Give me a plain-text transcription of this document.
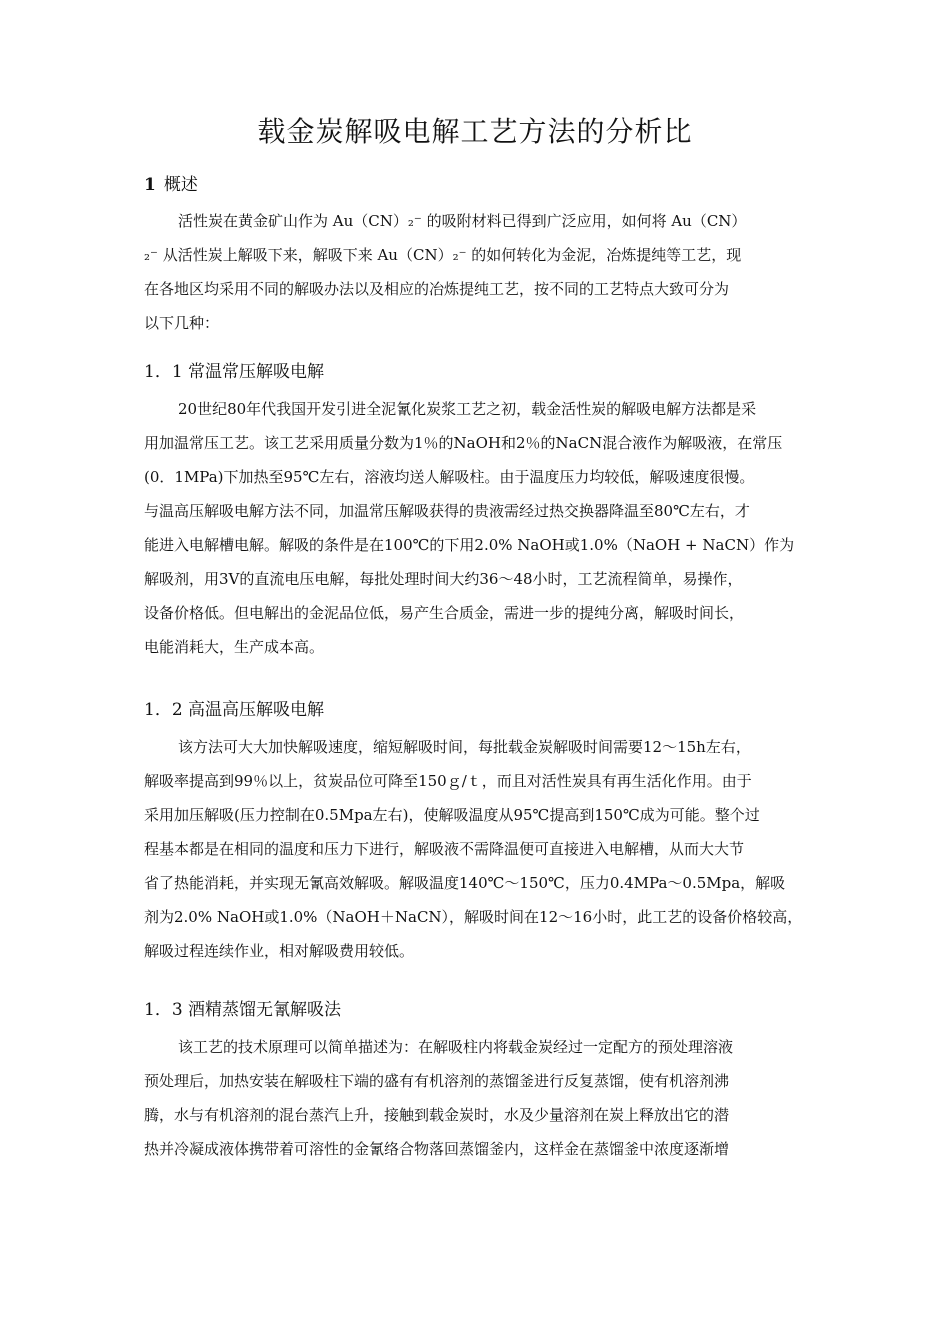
载金炭解吸电解工艺方法的分析比
1 概述
活性炭在黄金矿山作为 Au（CN）₂⁻ 的吸附材料已得到广泛应用，如何将 Au（CN）
₂⁻ 从活性炭上解吸下来，解吸下来 Au（CN）₂⁻ 的如何转化为金泥，冶炼提纯等工艺，现
在各地区均采用不同的解吸办法以及相应的冶炼提纯工艺，按不同的工艺特点大致可分为
以下几种：
1．1 常温常压解吸电解
20世纪80年代我国开发引进全泥氰化炭浆工艺之初，载金活性炭的解吸电解方法都是采
用加温常压工艺。该工艺采用质量分数为1％的NaOH和2％的NaCN混合液作为解吸液，在常压
(0．1MPa)下加热至95℃左右，溶液均送人解吸柱。由于温度压力均较低，解吸速度很慢。
与温高压解吸电解方法不同，加温常压解吸获得的贵液需经过热交换器降温至80℃左右，才
能进入电解槽电解。解吸的条件是在100℃的下用2.0% NaOH或1.0%（NaOH + NaCN）作为
解吸剂，用3V的直流电压电解，每批处理时间大约36～48小时，工艺流程简单，易操作，
设备价格低。但电解出的金泥品位低，易产生合质金，需进一步的提纯分离，解吸时间长，
电能消耗大，生产成本高。
1．2 高温高压解吸电解
该方法可大大加快解吸速度，缩短解吸时间，每批载金炭解吸时间需要12～15h左右，
解吸率提高到99％以上，贫炭品位可降至150ｇ/ｔ，而且对活性炭具有再生活化作用。由于
采用加压解吸(压力控制在0.5Mpa左右)，使解吸温度从95℃提高到150℃成为可能。整个过
程基本都是在相同的温度和压力下进行，解吸液不需降温便可直接进入电解槽，从而大大节
省了热能消耗，并实现无氰高效解吸。解吸温度140℃～150℃，压力0.4MPa～0.5Mpa，解吸
剂为2.0% NaOH或1.0%（NaOH＋NaCN），解吸时间在12～16小时，此工艺的设备价格较高，
解吸过程连续作业，相对解吸费用较低。
1．3 酒精蒸馏无氰解吸法
该工艺的技术原理可以简单描述为：在解吸柱内将载金炭经过一定配方的预处理溶液
预处理后，加热安装在解吸柱下端的盛有有机溶剂的蒸馏釜进行反复蒸馏，使有机溶剂沸
腾，水与有机溶剂的混台蒸汽上升，接触到载金炭时，水及少量溶剂在炭上释放出它的潜
热并冷凝成液体携带着可溶性的金氰络合物落回蒸馏釜内，这样金在蒸馏釜中浓度逐渐增
